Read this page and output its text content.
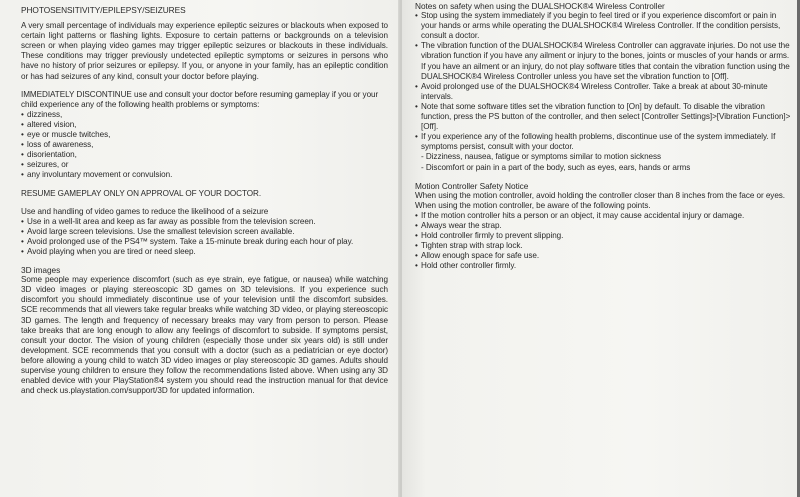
PHOTOSENSITIVITY/EPILEPSY/SEIZURES

A very small percentage of individuals may experience epileptic seizures or blackouts when exposed to certain light patterns or flashing lights. Exposure to certain patterns or backgrounds on a television screen or when playing video games may trigger epileptic seizures or blackouts in these individuals. These conditions may trigger previously undetected epileptic symptoms or seizures in persons who have no history of prior seizures or epilepsy. If you, or anyone in your family, has an epileptic condition or has had seizures of any kind, consult your doctor before playing.

IMMEDIATELY DISCONTINUE use and consult your doctor before resuming gameplay if you or your child experience any of the following health problems or symptoms:

• dizziness,
• altered vision,
• eye or muscle twitches,
• loss of awareness,
• disorientation,
• seizures, or
• any involuntary movement or convulsion.

RESUME GAMEPLAY ONLY ON APPROVAL OF YOUR DOCTOR.

Use and handling of video games to reduce the likelihood of a seizure

• Use in a well-lit area and keep as far away as possible from the television screen.
• Avoid large screen televisions. Use the smallest television screen available.
• Avoid prolonged use of the PS4™ system. Take a 15-minute break during each hour of play.
• Avoid playing when you are tired or need sleep.
3D images

Some people may experience discomfort (such as eye strain, eye fatigue, or nausea) while watching 3D video images or playing stereoscopic 3D games on 3D televisions. If you experience such discomfort you should immediately discontinue use of your television until the discomfort subsides. SCE recommends that all viewers take regular breaks while watching 3D video, or playing stereoscopic 3D games. The length and frequency of necessary breaks may vary from person to person. Please take breaks that are long enough to allow any feelings of discomfort to subside. If symptoms persist, consult your doctor. The vision of young children (especially those under six years old) is still under development. SCE recommends that you consult with a doctor (such as a pediatrician or eye doctor) before allowing a young child to watch 3D video images or play stereoscopic 3D games. Adults should supervise young children to ensure they follow the recommendations listed above. When using any 3D enabled device with your PlayStation®4 system you should read the instruction manual for that device and check us.playstation.com/support/3D for updated information.

Notes on safety when using the DUALSHOCK®4 Wireless Controller
• Stop using the system immediately if you begin to feel tired or if you experience discomfort or pain in your hands or arms while operating the DUALSHOCK®4 Wireless Controller. If the condition persists, consult a doctor.
• The vibration function of the DUALSHOCK®4 Wireless Controller can aggravate injuries. Do not use the vibration function if you have any ailment or injury to the bones, joints or muscles of your hands or arms. If you have an ailment or an injury, do not play software titles that contain the vibration function using the DUALSHOCK®4 Wireless Controller unless you have set the vibration function to [Off].
• Avoid prolonged use of the DUALSHOCK®4 Wireless Controller. Take a break at about 30-minute intervals.
• Note that some software titles set the vibration function to [On] by default. To disable the vibration function, press the PS button of the controller, and then select [Controller Settings]>[Vibration Function]>[Off].
• If you experience any of the following health problems, discontinue use of the system immediately. If symptoms persist, consult with your doctor.
- Dizziness, nausea, fatigue or symptoms similar to motion sickness
- Discomfort or pain in a part of the body, such as eyes, ears, hands or arms
Motion Controller Safety Notice

When using the motion controller, avoid holding the controller closer than 8 inches from the face or eyes.

When using the motion controller, be aware of the following points.

• If the motion controller hits a person or an object, it may cause accidental injury or damage.
• Always wear the strap.
• Hold controller firmly to prevent slipping.
• Tighten strap with strap lock.
• Allow enough space for safe use.
• Hold other controller firmly.
